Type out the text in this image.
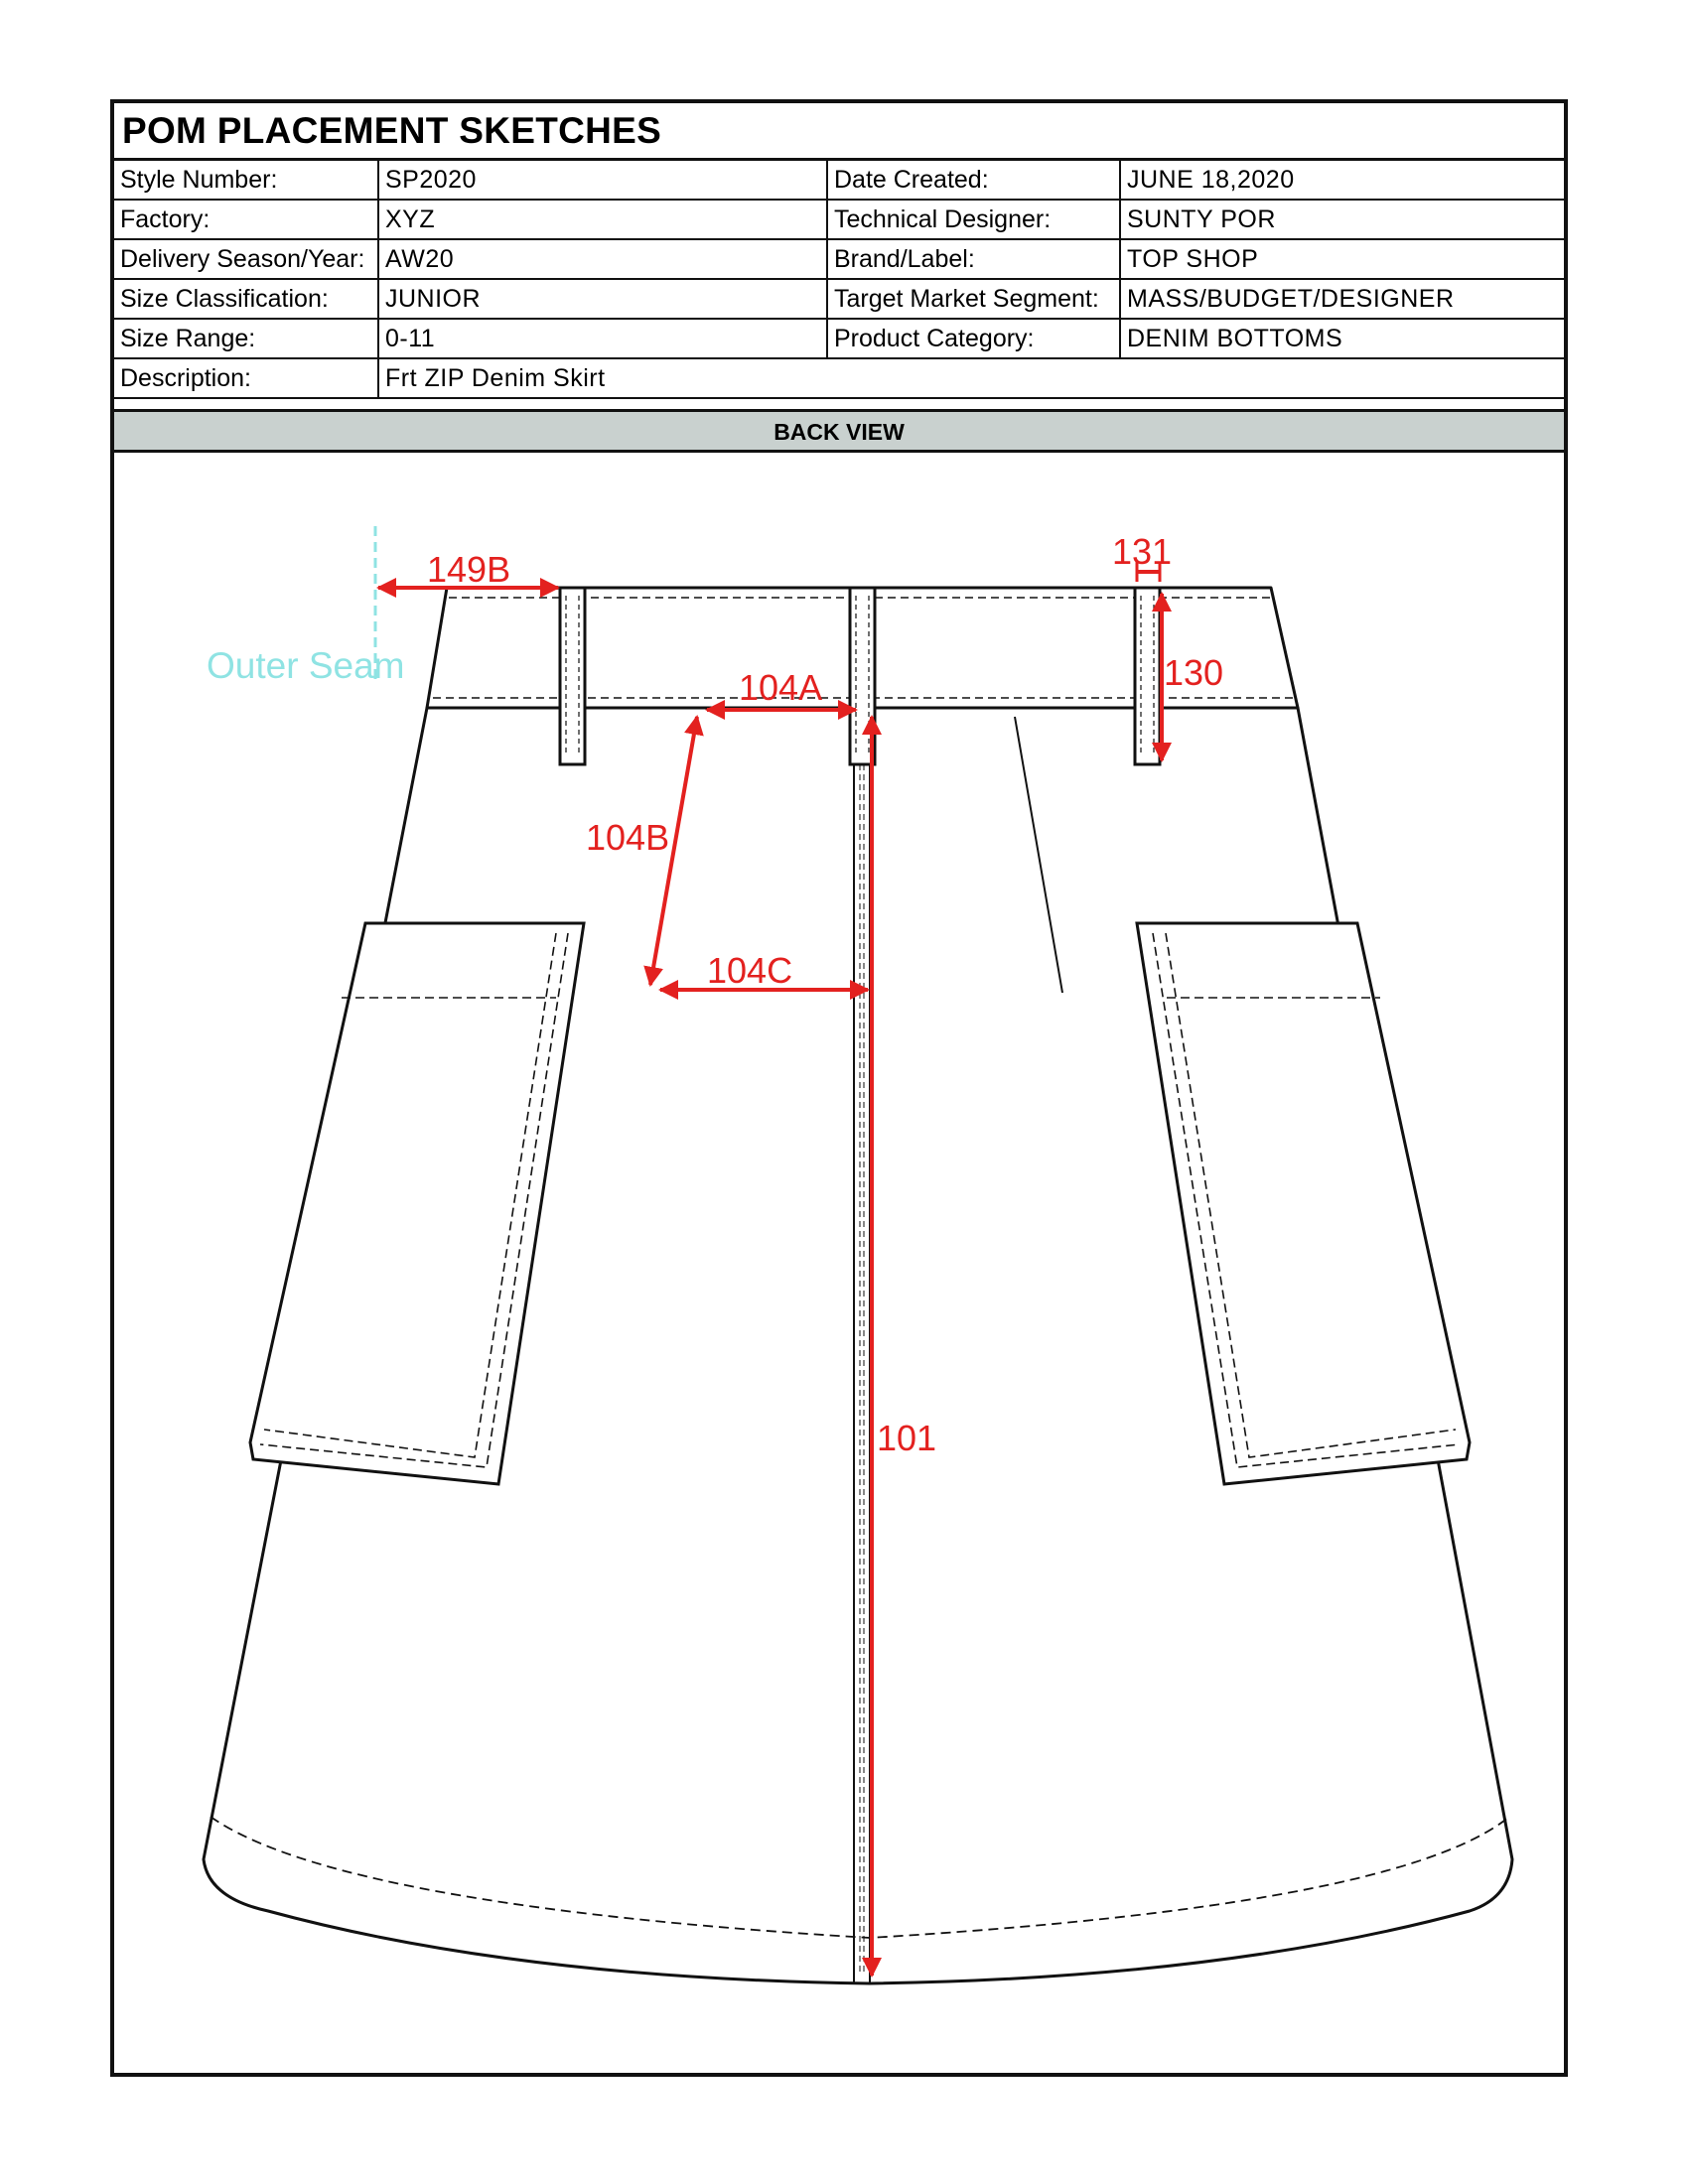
POM PLACEMENT SKETCHES
Style Number:	SP2020	Date Created:	JUNE 18,2020
Factory:	XYZ	Technical Designer:	SUNTY POR
Delivery Season/Year:	AW20	Brand/Label:	TOP SHOP
Size Classification:	JUNIOR	Target Market Segment:	MASS/BUDGET/DESIGNER
Size Range:	0-11	Product Category:	DENIM BOTTOMS
Description:	Frt ZIP Denim Skirt		
BACK VIEW
Outer Seam
149B	131
130
104A
104B
104C
101
